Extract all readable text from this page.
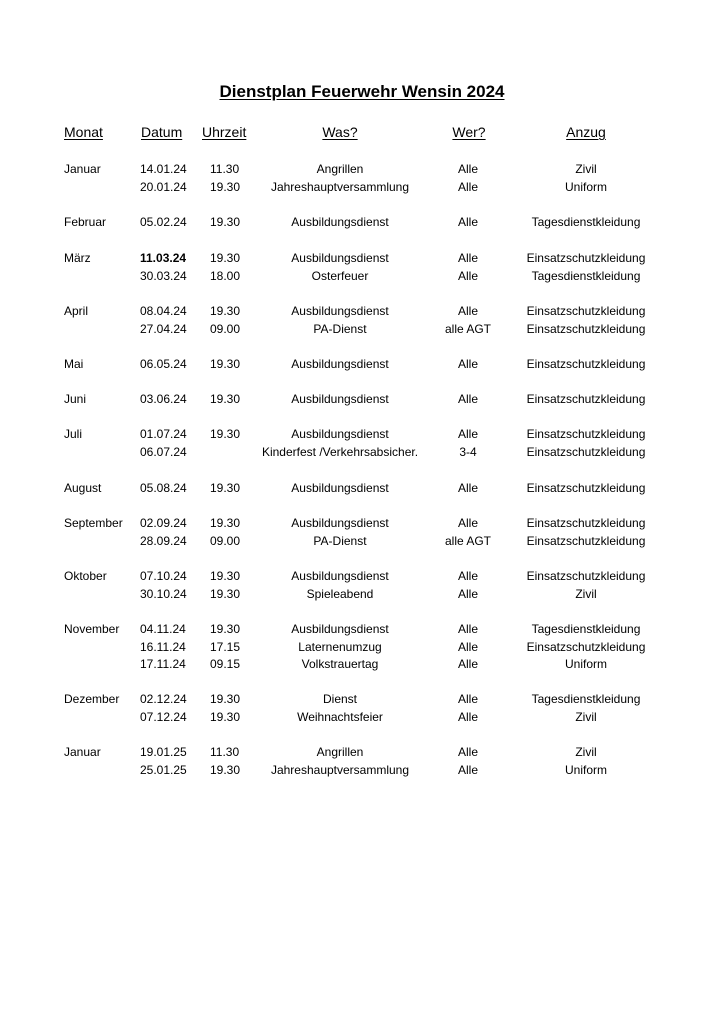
Dienstplan Feuerwehr Wensin 2024
Monat	Datum Uhrzeit	Was?	Wer?	Anzug
Januar	14.01.24 11.30	Angrillen	Alle	Zivil
20.01.24 19.30	Jahreshauptversammlung	Alle	Uniform
Februar	05.02.24 19.30	Ausbildungsdienst	Alle	Tagesdienstkleidung
März	11.03.24 19.30	Ausbildungsdienst	Alle	Einsatzschutzkleidung
30.03.24 18.00	Osterfeuer	Alle	Tagesdienstkleidung
April	08.04.24 19.30	Ausbildungsdienst	Alle	Einsatzschutzkleidung
27.04.24 09.00	PA-Dienst	alle AGT	Einsatzschutzkleidung
Mai	06.05.24 19.30	Ausbildungsdienst	Alle	Einsatzschutzkleidung
Juni	03.06.24 19.30	Ausbildungsdienst	Alle	Einsatzschutzkleidung
Juli	01.07.24 19.30	Ausbildungsdienst	Alle	Einsatzschutzkleidung
06.07.24	Kinderfest /Verkehrsabsicher.	3-4	Einsatzschutzkleidung
August	05.08.24 19.30	Ausbildungsdienst	Alle	Einsatzschutzkleidung
September 02.09.24 19.30	Ausbildungsdienst	Alle	Einsatzschutzkleidung
28.09.24 09.00	PA-Dienst	alle AGT	Einsatzschutzkleidung
Oktober	07.10.24 19.30	Ausbildungsdienst	Alle	Einsatzschutzkleidung
30.10.24 19.30	Spieleabend	Alle	Zivil
November 04.11.24 19.30	Ausbildungsdienst	Alle	Tagesdienstkleidung
16.11.24 17.15	Laternenumzug	Alle	Einsatzschutzkleidung
17.11.24 09.15	Volkstrauertag	Alle	Uniform
Dezember 02.12.24 19.30	Dienst	Alle	Tagesdienstkleidung
07.12.24 19.30	Weihnachtsfeier	Alle	Zivil
Januar	19.01.25 11.30	Angrillen	Alle	Zivil
25.01.25 19.30	Jahreshauptversammlung	Alle	Uniform
